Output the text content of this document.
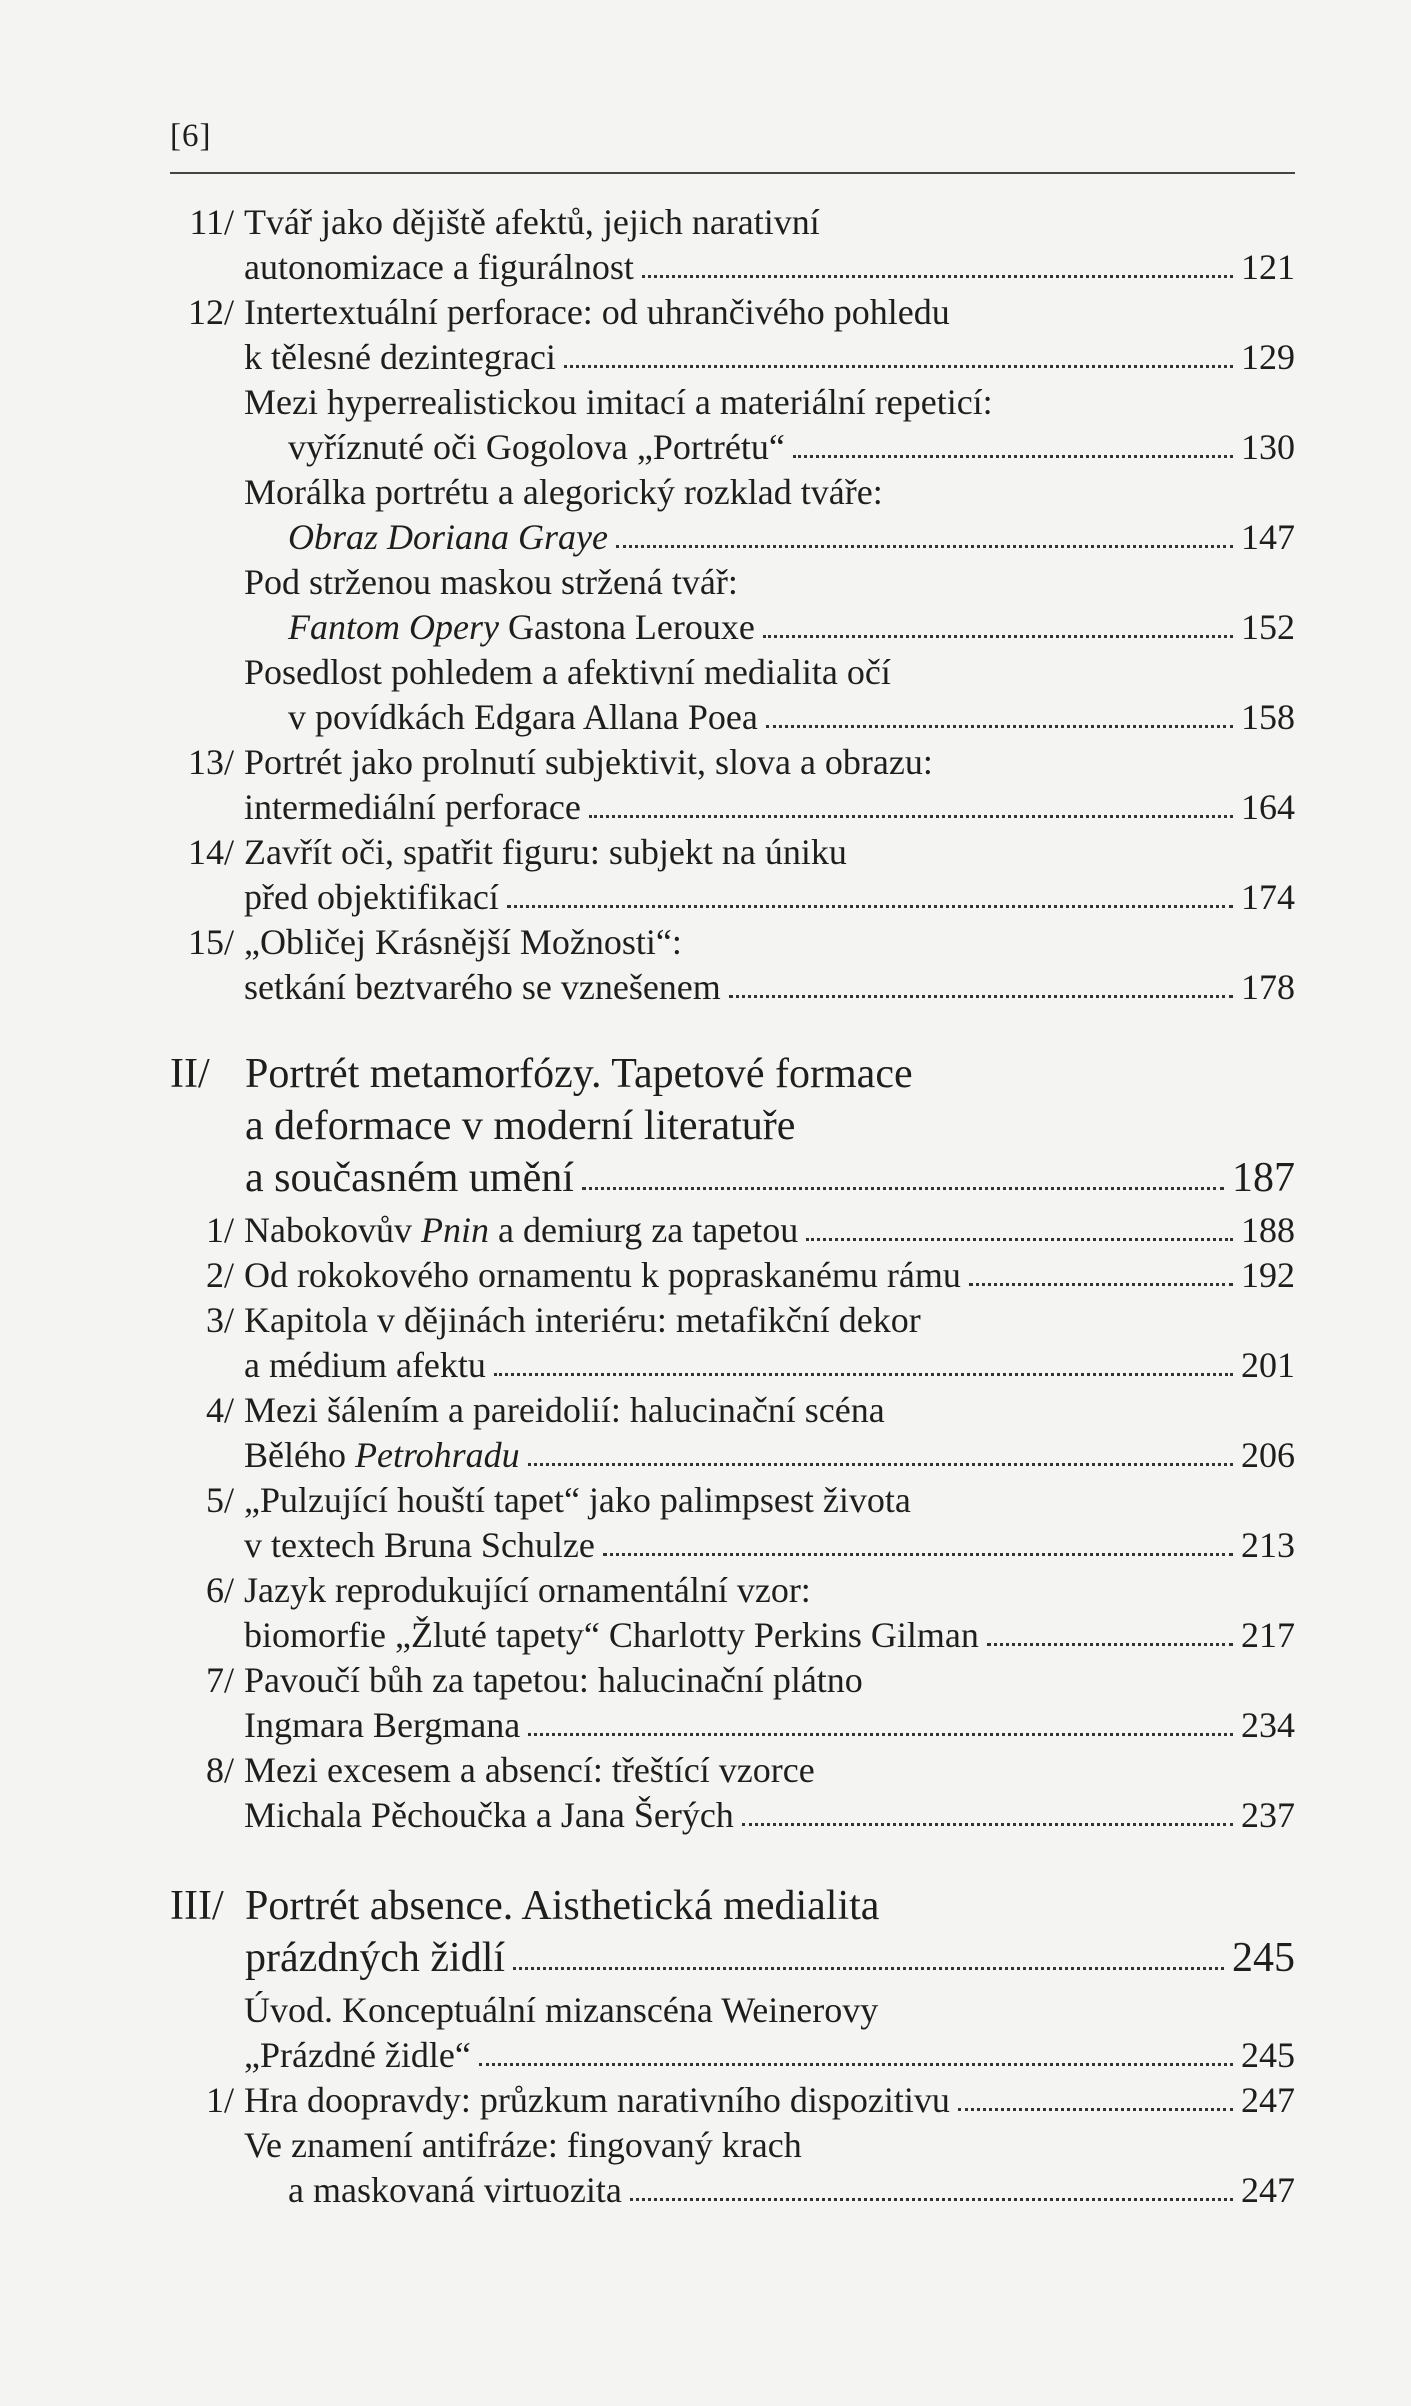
[6]
11/ Tvář jako dějiště afektů, jejich narativní
autonomizace a figurálnost	121
12/ Intertextuální perforace: od uhrančivého pohledu
k tělesné dezintegraci	129
Mezi hyperrealistickou imitací a materiální repeticí:
vyříznuté oči Gogolova „Portrétu“	130
Morálka portrétu a alegorický rozklad tváře:
Obraz Doriana Graye	147
Pod strženou maskou stržená tvář:
Fantom Opery Gastona Lerouxe	152
Posedlost pohledem a afektivní medialita očí
v povídkách Edgara Allana Poea	158
13/ Portrét jako prolnutí subjektivit, slova a obrazu:
intermediální perforace	164
14/ Zavřít oči, spatřit figuru: subjekt na úniku
před objektifikací	174
15/ „Obličej Krásnější Možnosti“:
setkání beztvarého se vznešenem	178
II/ Portrét metamorfózy. Tapetové formace
a deformace v moderní literatuře
a současném umění	187
1/ Nabokovův Pnin a demiurg za tapetou	188
2/ Od rokokového ornamentu k popraskanému rámu	192
3/ Kapitola v dějinách interiéru: metafikční dekor
a médium afektu	201
4/ Mezi šálením a pareidolií: halucinační scéna
Bělého Petrohradu	206
5/ „Pulzující houští tapet“ jako palimpsest života
v textech Bruna Schulze	213
6/ Jazyk reprodukující ornamentální vzor:
biomorfie „Žluté tapety“ Charlotty Perkins Gilman	217
7/ Pavoučí bůh za tapetou: halucinační plátno
Ingmara Bergmana	234
8/ Mezi excesem a absencí: třeštící vzorce
Michala Pěchoučka a Jana Šerých	237
III/ Portrét absence. Aisthetická medialita
prázdných židlí	245
Úvod. Konceptuální mizanscéna Weinerovy
„Prázdné židle“	245
1/ Hra doopravdy: průzkum narativního dispozitivu	247
Ve znamení antifráze: fingovaný krach
a maskovaná virtuozita	247
